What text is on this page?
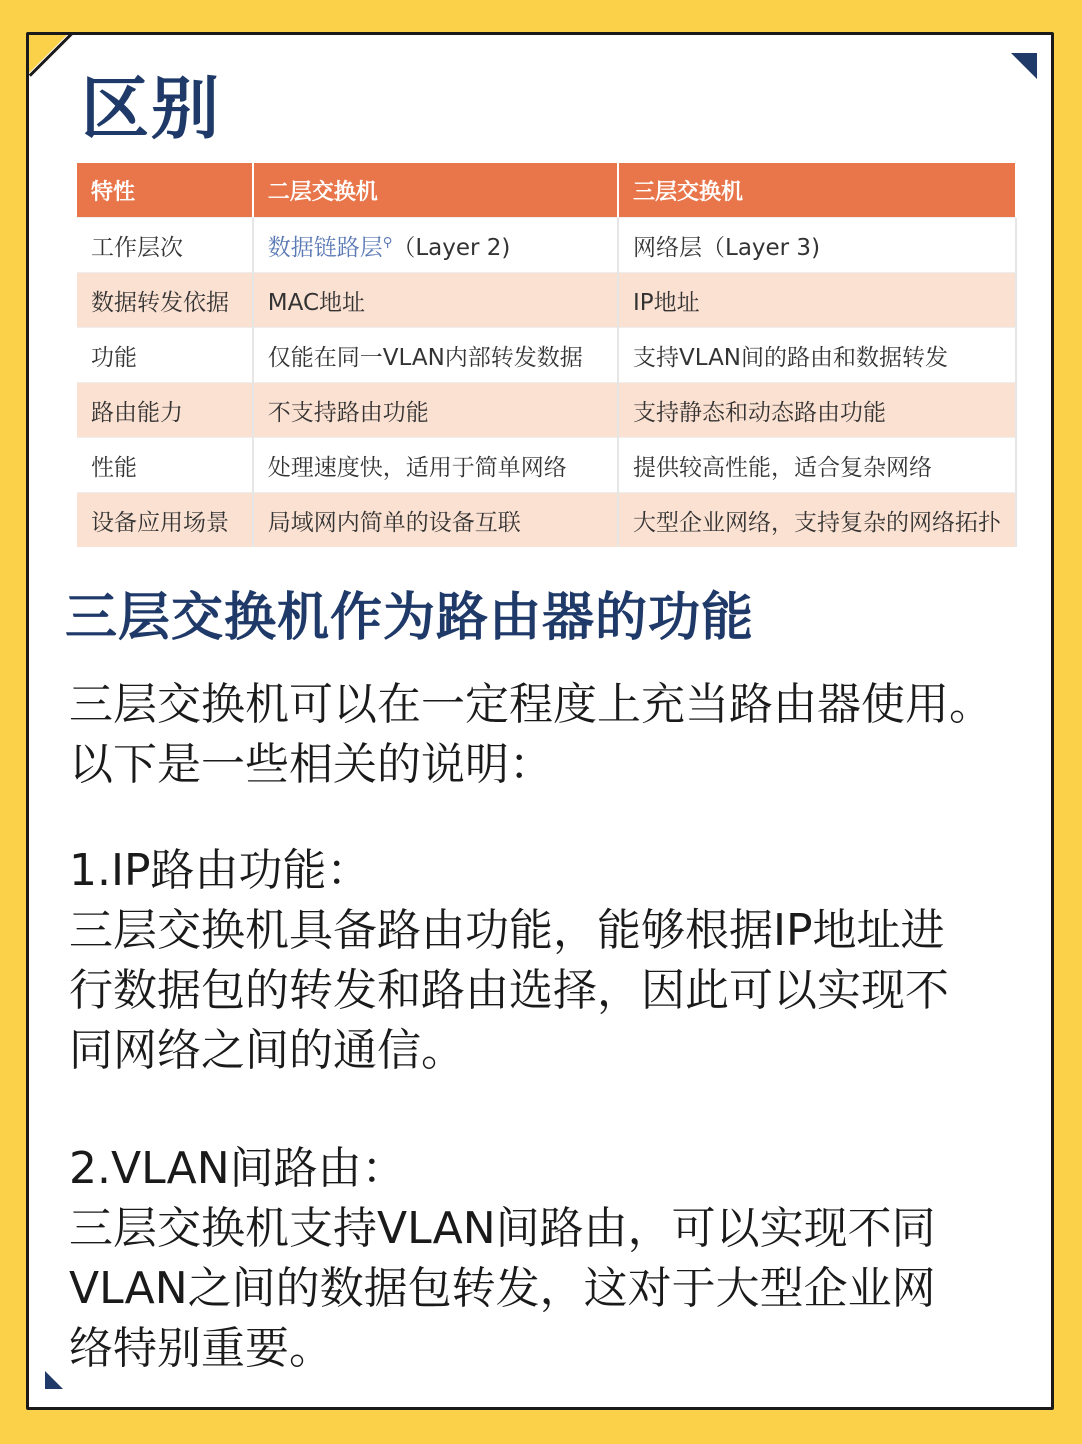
区别
特性	二层交换机	三层交换机
工作层次	数据链路层⚲（Layer 2)	网络层（Layer 3)
数据转发依据	MAC地址	IP地址
功能	仅能在同一VLAN内部转发数据	支持VLAN间的路由和数据转发
路由能力	不支持路由功能	支持静态和动态路由功能
性能	处理速度快，适用于简单网络	提供较高性能，适合复杂网络
设备应用场景	局域网内简单的设备互联	大型企业网络，支持复杂的网络拓扑
三层交换机作为路由器的功能
三层交换机可以在一定程度上充当路由器使用。
以下是一些相关的说明：
1.IP路由功能：
三层交换机具备路由功能，能够根据IP地址进
行数据包的转发和路由选择，因此可以实现不
同网络之间的通信。
2.VLAN间路由：
三层交换机支持VLAN间路由，可以实现不同
VLAN之间的数据包转发，这对于大型企业网
络特别重要。
